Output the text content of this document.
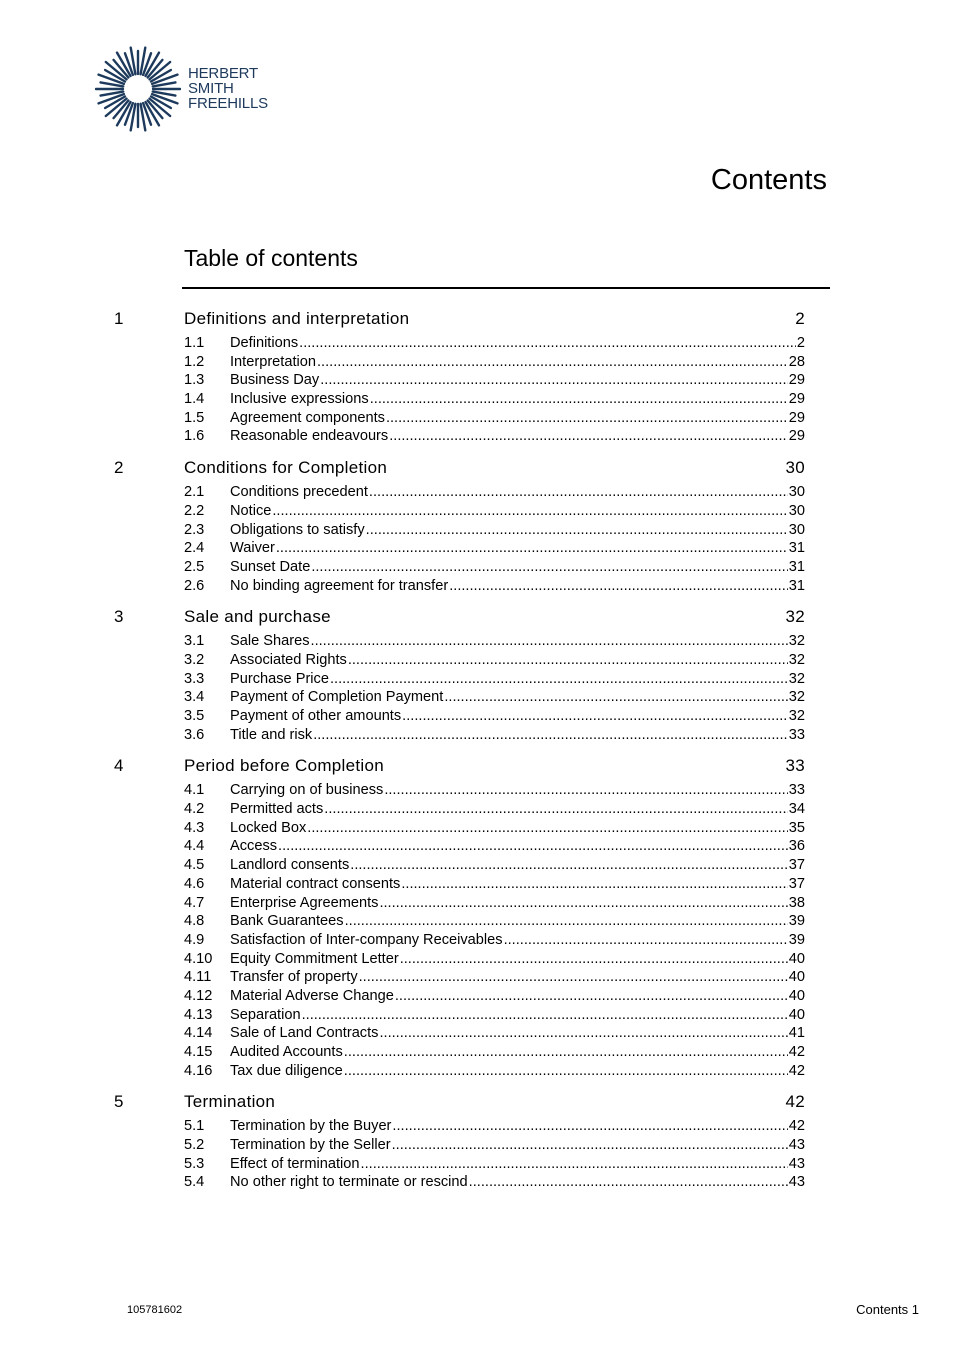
HERBERT
SMITH
FREEHILLS
Contents
Table of contents
1	Definitions and interpretation	2
1.1 Definitions .....	2
1.2 Interpretation .....	28
1.3 Business Day .....	29
1.4 Inclusive expressions .....	29
1.5 Agreement components .....	29
1.6 Reasonable endeavours .....	29
2	Conditions for Completion	30
2.1 Conditions precedent .....	30
2.2 Notice .....	30
2.3 Obligations to satisfy .....	30
2.4 Waiver .....	31
2.5 Sunset Date .....	31
2.6 No binding agreement for transfer .....	31
3	Sale and purchase	32
3.1 Sale Shares .....	32
3.2 Associated Rights .....	32
3.3 Purchase Price .....	32
3.4 Payment of Completion Payment .....	32
3.5 Payment of other amounts .....	32
3.6 Title and risk .....	33
4	Period before Completion	33
4.1 Carrying on of business .....	33
4.2 Permitted acts .....	34
4.3 Locked Box .....	35
4.4 Access .....	36
4.5 Landlord consents .....	37
4.6 Material contract consents .....	37
4.7 Enterprise Agreements .....	38
4.8 Bank Guarantees .....	39
4.9 Satisfaction of Inter-company Receivables .....	39
4.10 Equity Commitment Letter .....	40
4.11 Transfer of property .....	40
4.12 Material Adverse Change .....	40
4.13 Separation .....	40
4.14 Sale of Land Contracts .....	41
4.15 Audited Accounts .....	42
4.16 Tax due diligence .....	42
5	Termination	42
5.1 Termination by the Buyer .....	42
5.2 Termination by the Seller .....	43
5.3 Effect of termination .....	43
5.4 No other right to terminate or rescind .....	43
105781602	Contents 1
